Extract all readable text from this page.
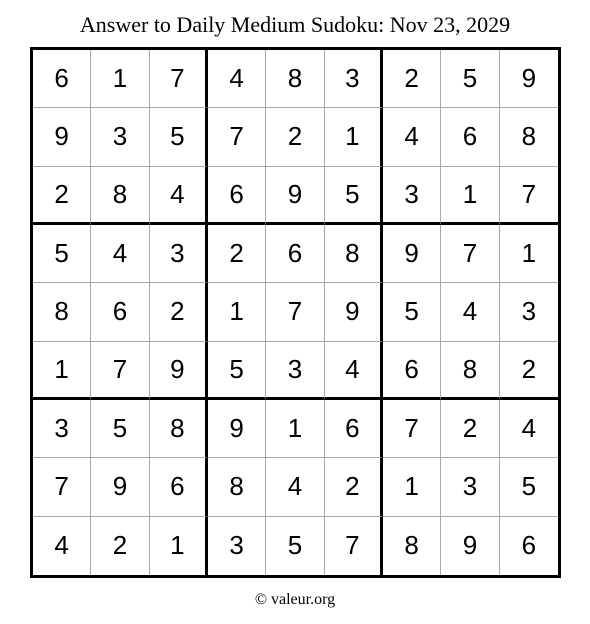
Answer to Daily Medium Sudoku: Nov 23, 2029
6	1	7	4	8	3	2	5	9
9	3	5	7	2	1	4	6	8
2	8	4	6	9	5	3	1	7
5	4	3	2	6	8	9	7	1
8	6	2	1	7	9	5	4	3
1	7	9	5	3	4	6	8	2
3	5	8	9	1	6	7	2	4
7	9	6	8	4	2	1	3	5
4	2	1	3	5	7	8	9	6
© valeur.org
